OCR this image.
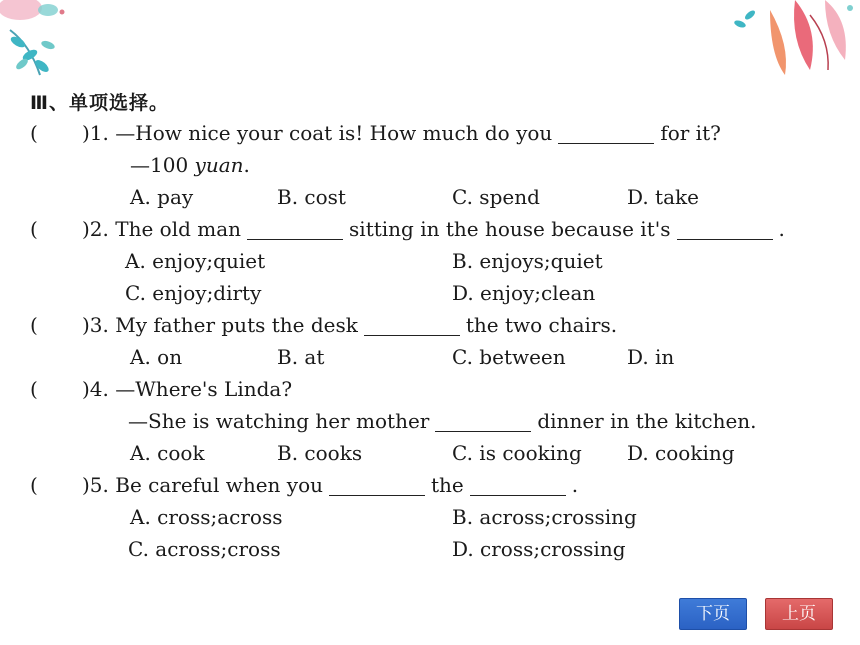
Ⅲ、单项选择。
( )1. —How nice your coat is! How much do you	for it?
—100 yuan.
A. pay	B. cost	C. spend	D. take
( )2. The old man	sitting in the house because it's	.
A. enjoy;quiet	B. enjoys;quiet
C. enjoy;dirty	D. enjoy;clean
( )3. My father puts the desk	the two chairs.
A. on	B. at	C. between	D. in
( )4. —Where's Linda?
—She is watching her mother	dinner in the kitchen.
A. cook	B. cooks	C. is cooking D. cooking
( )5. Be careful when you	the	.
A. cross;across	B. across;crossing
C. across;cross	D. cross;crossing
下页	上页
